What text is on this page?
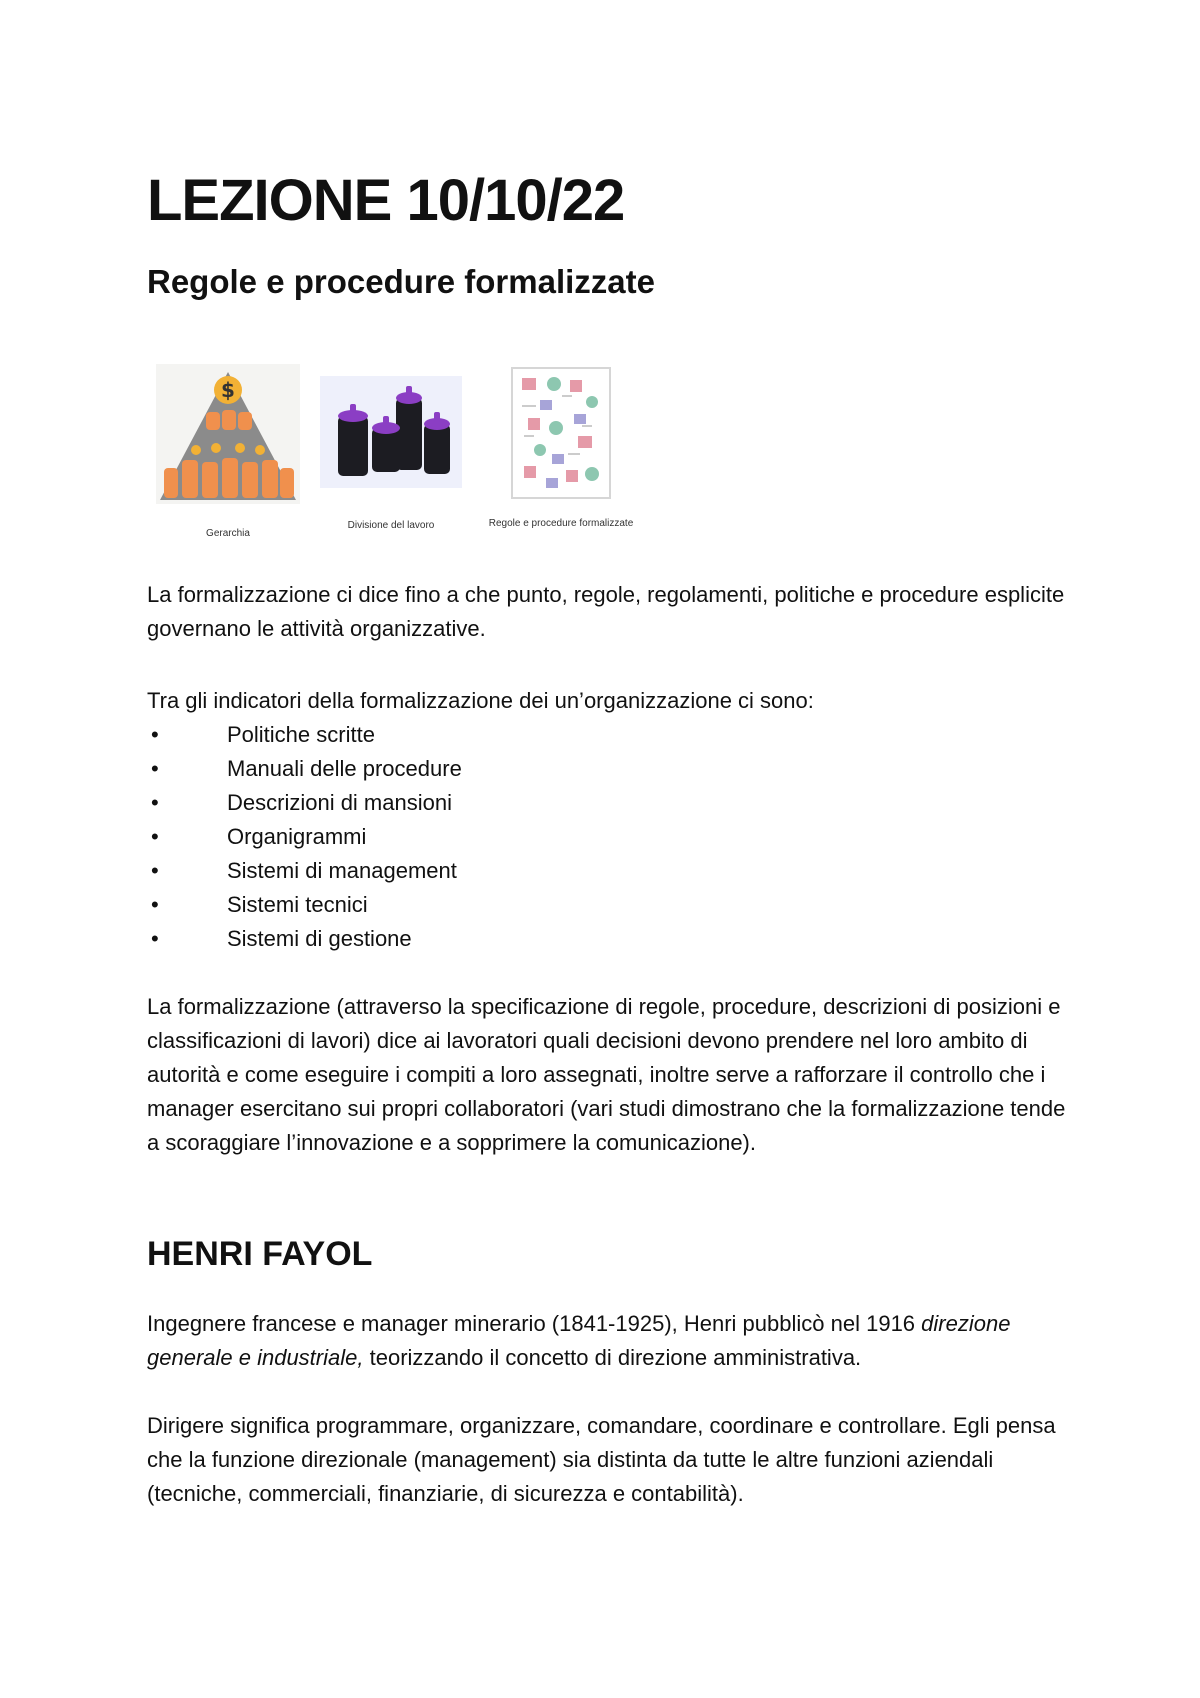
LEZIONE 10/10/22
Regole e procedure formalizzate
$
Gerarchia
Divisione del lavoro	Regole e procedure formalizzate

La formalizzazione ci dice fino a che punto, regole, regolamenti, politiche e procedure esplicite governano le attività organizzative.

Tra gli indicatori della formalizzazione dei un’organizzazione ci sono:

•	Politiche scritte
•	Manuali delle procedure
•	Descrizioni di mansioni
•	Organigrammi
•	Sistemi di management
•	Sistemi tecnici
•	Sistemi di gestione

La formalizzazione (attraverso la specificazione di regole, procedure, descrizioni di posizioni e classificazioni di lavori) dice ai lavoratori quali decisioni devono prendere nel loro ambito di autorità e come eseguire i compiti a loro assegnati, inoltre serve a rafforzare il controllo che i manager esercitano sui propri collaboratori (vari studi dimostrano che la formalizzazione tende a scoraggiare l’innovazione e a sopprimere la comunicazione).

HENRI FAYOL

Ingegnere francese e manager minerario (1841-1925), Henri pubblicò nel 1916 direzione generale e industriale, teorizzando il concetto di direzione amministrativa.

Dirigere significa programmare, organizzare, comandare, coordinare e controllare. Egli pensa che la funzione direzionale (management) sia distinta da tutte le altre funzioni aziendali (tecniche, commerciali, finanziarie, di sicurezza e contabilità).
